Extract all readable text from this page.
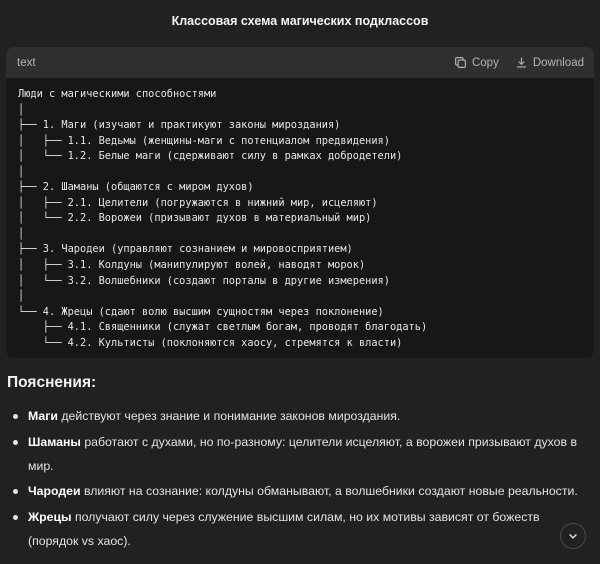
Классовая схема магических подклассов
text	Copy	Download
Люди с магическими способностями
│
├── 1. Маги (изучают и практикуют законы мироздания)
│   ├── 1.1. Ведьмы (женщины-маги с потенциалом предвидения)
│   └── 1.2. Белые маги (сдерживают силу в рамках добродетели)
│
├── 2. Шаманы (общаются с миром духов)
│   ├── 2.1. Целители (погружаются в нижний мир, исцеляют)
│   └── 2.2. Ворожеи (призывают духов в материальный мир)
│
├── 3. Чародеи (управляют сознанием и мировосприятием)
│   ├── 3.1. Колдуны (манипулируют волей, наводят морок)
│   └── 3.2. Волшебники (создают порталы в другие измерения)
│
└── 4. Жрецы (сдают волю высшим сущностям через поклонение)
├── 4.1. Священники (служат светлым богам, проводят благодать)
└── 4.2. Культисты (поклоняются хаосу, стремятся к власти)
Пояснения:
Маги действуют через знание и понимание законов мироздания.
Шаманы работают с духами, но по-разному: целители исцеляют, а ворожеи призывают духов в мир.
Чародеи влияют на сознание: колдуны обманывают, а волшебники создают новые реальности.
Жрецы получают силу через служение высшим силам, но их мотивы зависят от божеств (порядок vs хаос).
